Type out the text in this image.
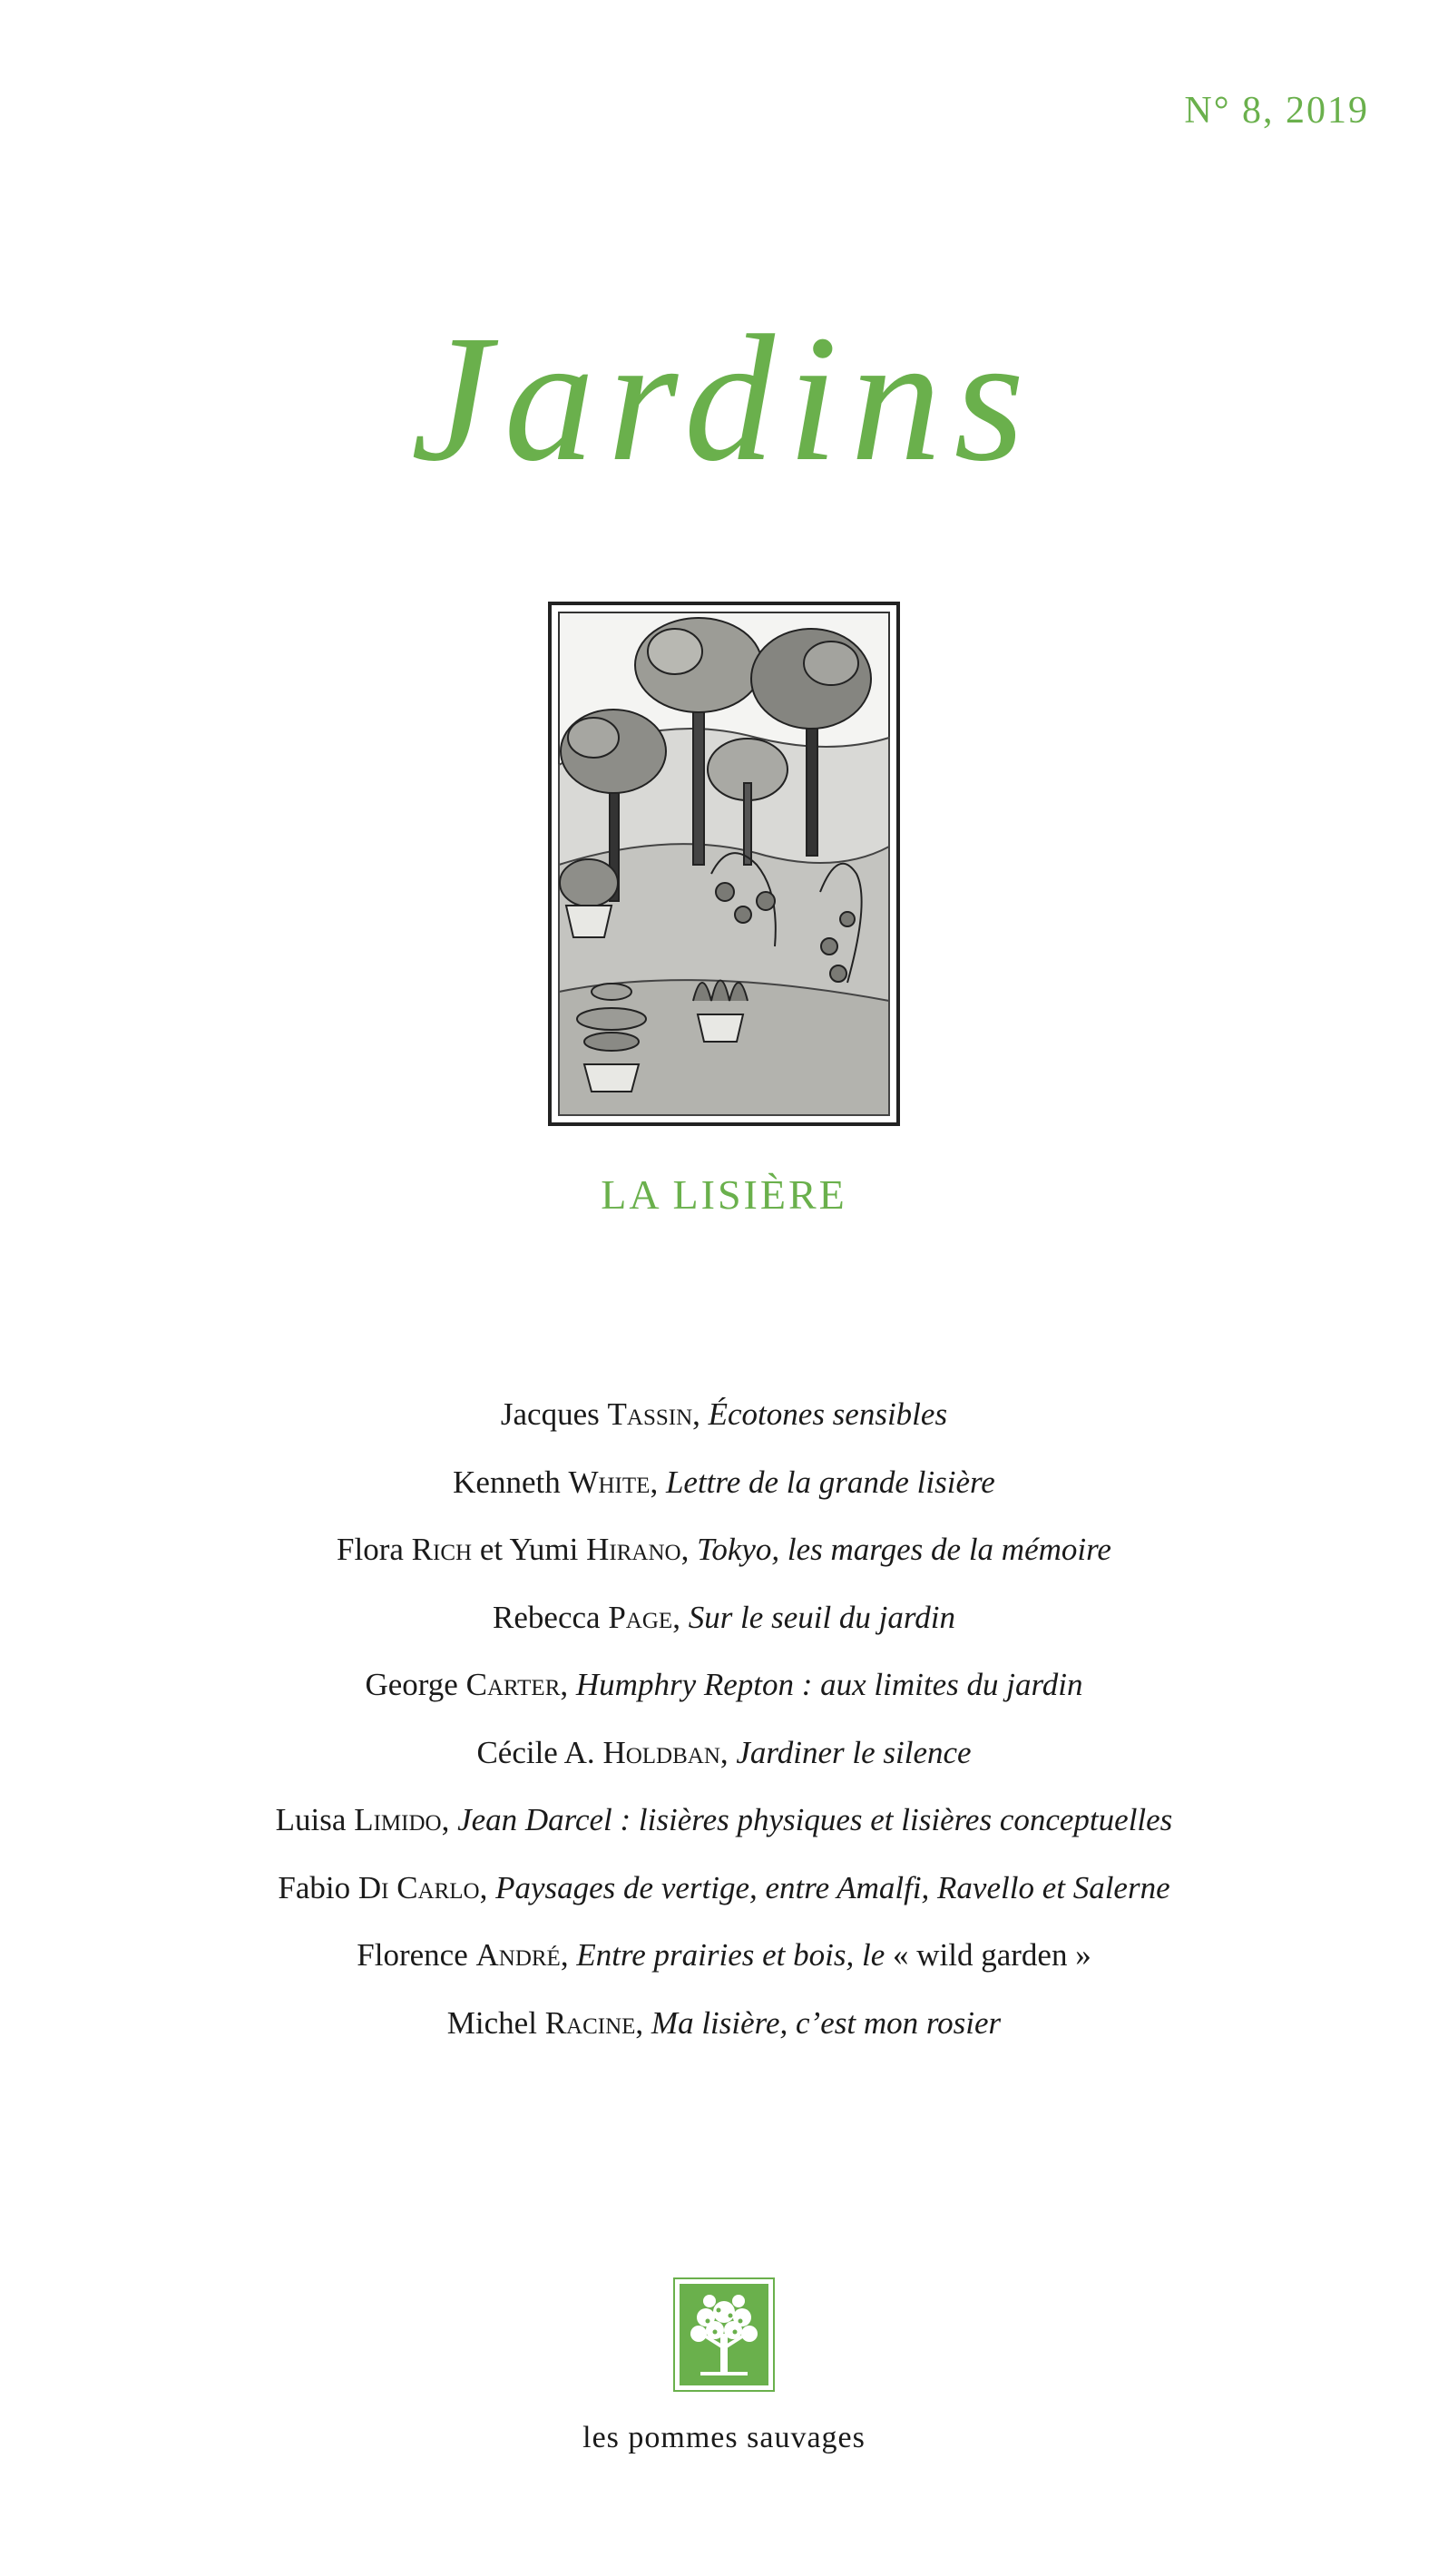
N° 8, 2019
Jardins
LA LISIÈRE
Jacques Tassin, Écotones sensibles
Kenneth White, Lettre de la grande lisière
Flora Rich et Yumi Hirano, Tokyo, les marges de la mémoire
Rebecca Page, Sur le seuil du jardin
George Carter, Humphry Repton : aux limites du jardin
Cécile A. Holdban, Jardiner le silence
Luisa Limido, Jean Darcel : lisières physiques et lisières conceptuelles
Fabio Di Carlo, Paysages de vertige, entre Amalfi, Ravello et Salerne
Florence André, Entre prairies et bois, le « wild garden »
Michel Racine, Ma lisière, c’est mon rosier
les pommes sauvages
